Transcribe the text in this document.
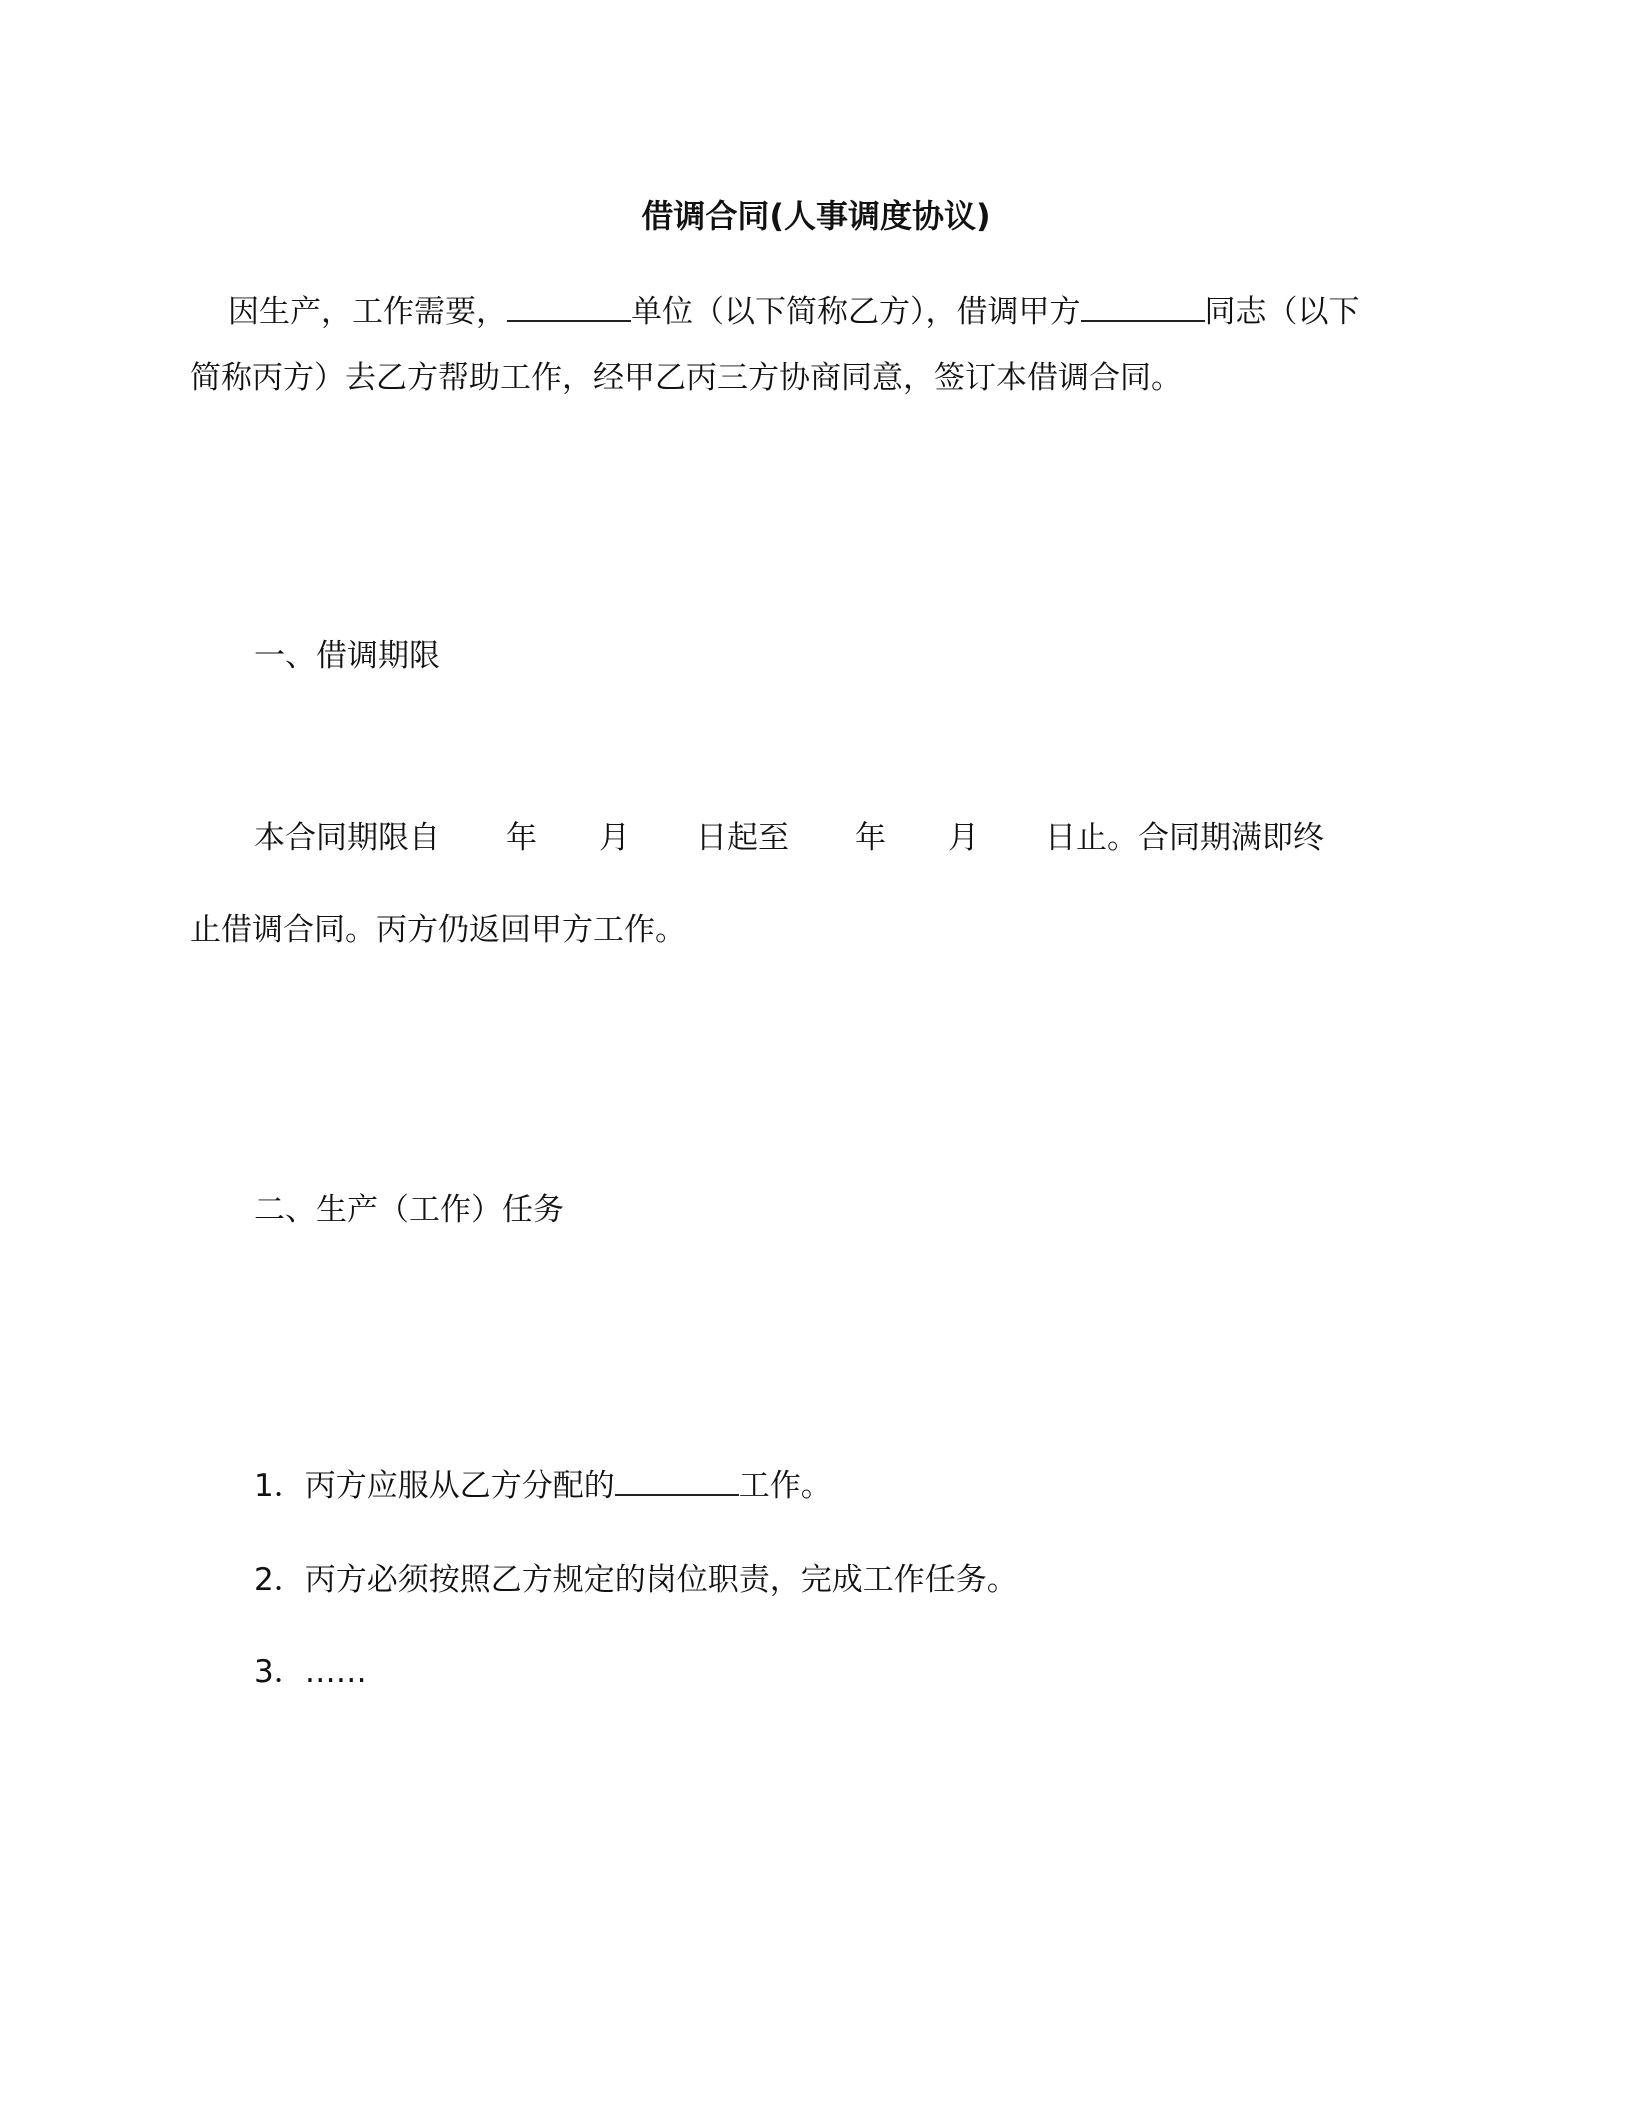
借调合同(人事调度协议)
因生产，工作需要，	单位（以下简称乙方），借调甲方	同志（以下
简称丙方）去乙方帮助工作，经甲乙丙三方协商同意，签订本借调合同。
一、借调期限
本合同期限自 年 月 日起至 年 月 日止。合同期满即终
止借调合同。丙方仍返回甲方工作。
二、生产（工作）任务
1．丙方应服从乙方分配的	工作。
2．丙方必须按照乙方规定的岗位职责，完成工作任务。
3．……
